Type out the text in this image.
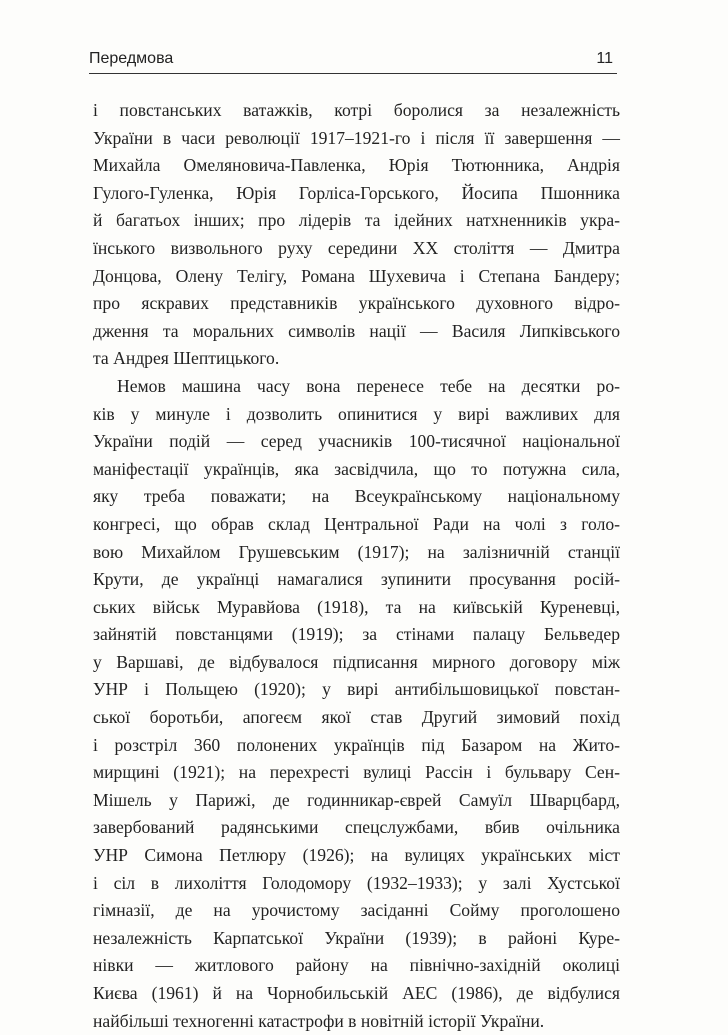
Передмова	11
і повстанських ватажків, котрі боролися за незалежність
України в часи революції 1917–1921-го і після її завершення —
Михайла Омеляновича-Павленка, Юрія Тютюнника, Андрія
Гулого-Гуленка, Юрія Горліса-Горського, Йосипа Пшонника
й багатьох інших; про лідерів та ідейних натхненників укра-
їнського визвольного руху середини XX століття — Дмитра
Донцова, Олену Телігу, Романа Шухевича і Степана Бандеру;
про яскравих представників українського духовного відро-
дження та моральних символів нації — Василя Липківського
та Андрея Шептицького.
Немов машина часу вона перенесе тебе на десятки ро-
ків у минуле і дозволить опинитися у вирі важливих для
України подій — серед учасників 100-тисячної національної
маніфестації українців, яка засвідчила, що то потужна сила,
яку треба поважати; на Всеукраїнському національному
конгресі, що обрав склад Центральної Ради на чолі з голо-
вою Михайлом Грушевським (1917); на залізничній станції
Крути, де українці намагалися зупинити просування росій-
ських військ Муравйова (1918), та на київській Куреневці,
зайнятій повстанцями (1919); за стінами палацу Бельведер
у Варшаві, де відбувалося підписання мирного договору між
УНР і Польщею (1920); у вирі антибільшовицької повстан-
ської боротьби, апогеєм якої став Другий зимовий похід
і розстріл 360 полонених українців під Базаром на Жито-
мирщині (1921); на перехресті вулиці Рассін і бульвару Сен-
Мішель у Парижі, де годинникар-єврей Самуїл Шварцбард,
завербований радянськими спецслужбами, вбив очільника
УНР Симона Петлюру (1926); на вулицях українських міст
і сіл в лихоліття Голодомору (1932–1933); у залі Хустської
гімназії, де на урочистому засіданні Сойму проголошено
незалежність Карпатської України (1939); в районі Куре-
нівки — житлового району на північно-західній околиці
Києва (1961) й на Чорнобильській АЕС (1986), де відбулися
найбільші техногенні катастрофи в новітній історії України.
